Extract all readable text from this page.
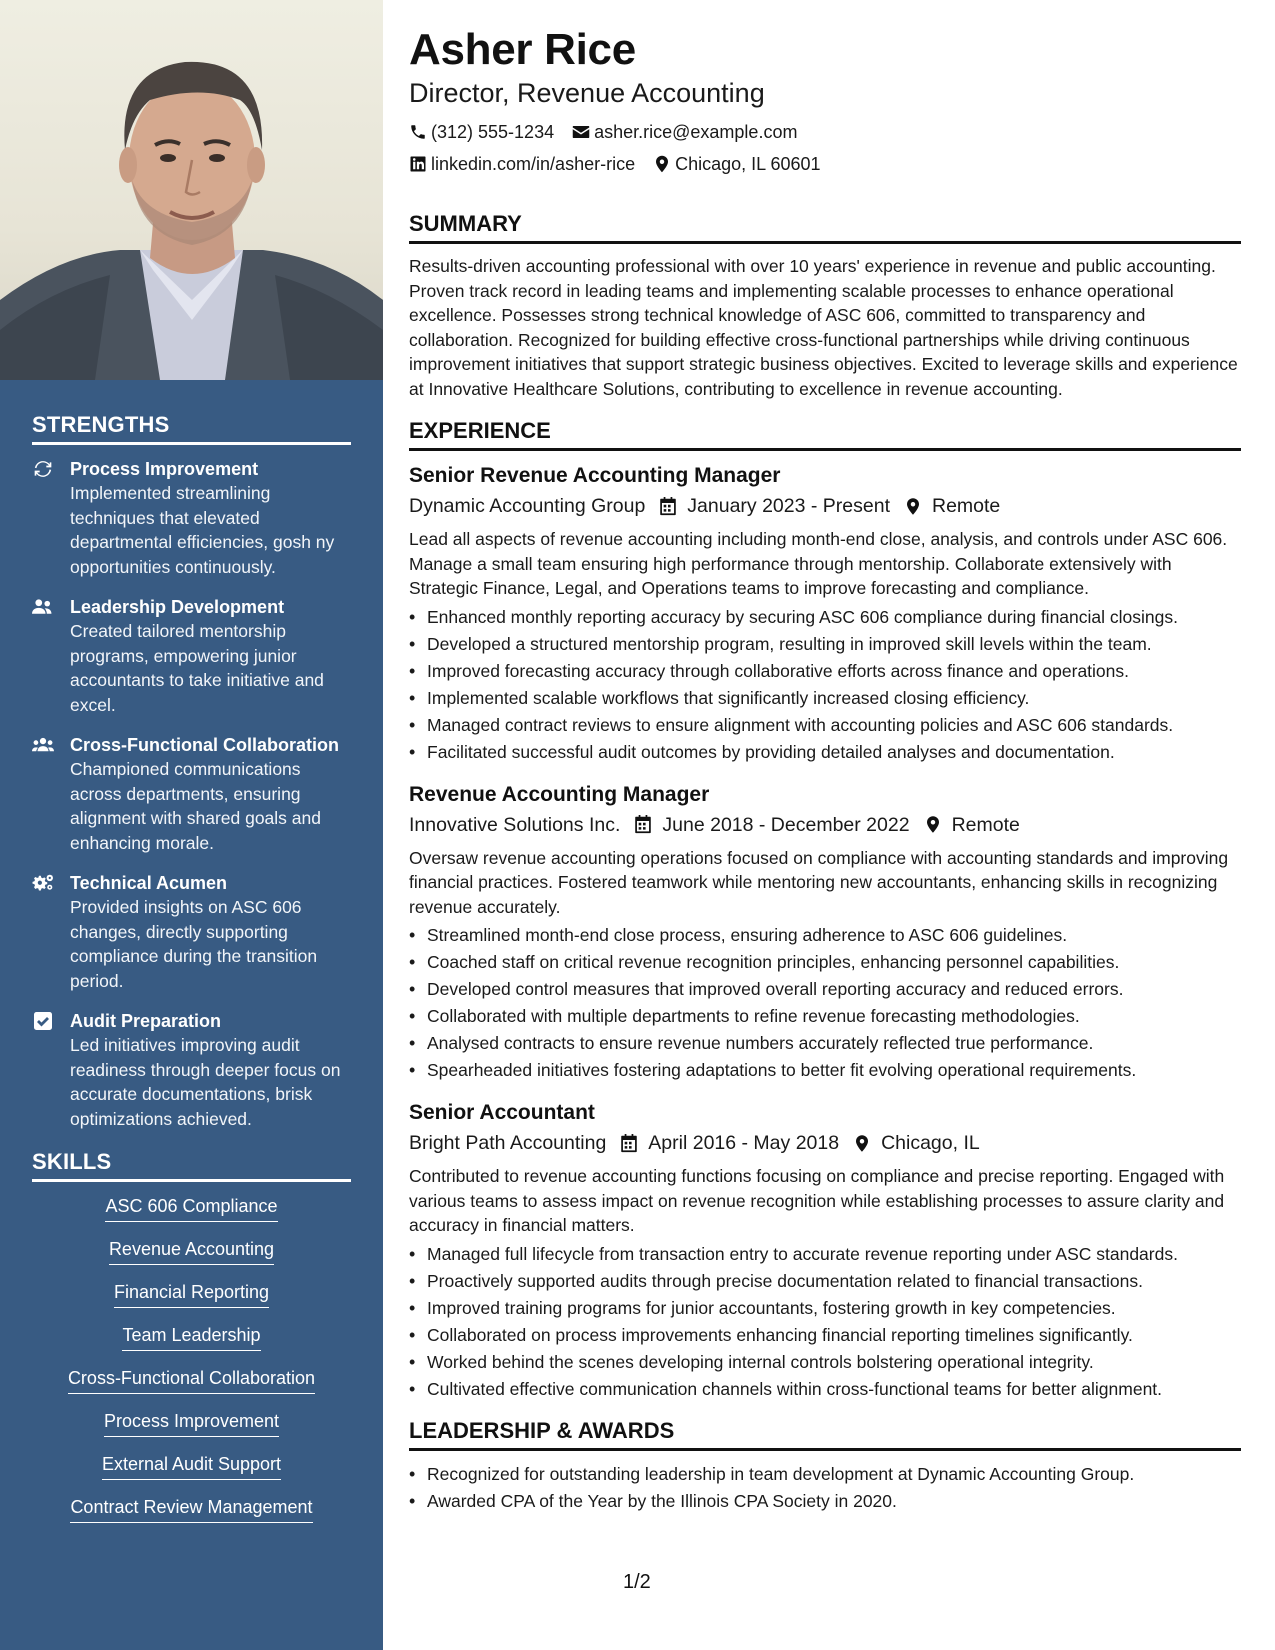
STRENGTHS
Process Improvement
Implemented streamlining techniques that elevated departmental efficiencies, gosh ny opportunities continuously.
Leadership Development
Created tailored mentorship programs, empowering junior accountants to take initiative and excel.
Cross-Functional Collaboration
Championed communications across departments, ensuring alignment with shared goals and enhancing morale.
Technical Acumen
Provided insights on ASC 606 changes, directly supporting compliance during the transition period.
Audit Preparation
Led initiatives improving audit readiness through deeper focus on accurate documentations, brisk optimizations achieved.
SKILLS
ASC 606 Compliance
Revenue Accounting
Financial Reporting
Team Leadership
Cross-Functional Collaboration
Process Improvement
External Audit Support
Contract Review Management
Asher Rice
Director, Revenue Accounting
(312) 555-1234 asher.rice@example.com
linkedin.com/in/asher-rice Chicago, IL 60601
SUMMARY

Results-driven accounting professional with over 10 years' experience in revenue and public accounting. Proven track record in leading teams and implementing scalable processes to enhance operational excellence. Possesses strong technical knowledge of ASC 606, committed to transparency and collaboration. Recognized for building effective cross-functional partnerships while driving continuous improvement initiatives that support strategic business objectives. Excited to leverage skills and experience at Innovative Healthcare Solutions, contributing to excellence in revenue accounting.

EXPERIENCE
Senior Revenue Accounting Manager
Dynamic Accounting Group January 2023 - Present Remote

Lead all aspects of revenue accounting including month-end close, analysis, and controls under ASC 606. Manage a small team ensuring high performance through mentorship. Collaborate extensively with Strategic Finance, Legal, and Operations teams to improve forecasting and compliance.

• Enhanced monthly reporting accuracy by securing ASC 606 compliance during financial closings.
• Developed a structured mentorship program, resulting in improved skill levels within the team.
• Improved forecasting accuracy through collaborative efforts across finance and operations.
• Implemented scalable workflows that significantly increased closing efficiency.
• Managed contract reviews to ensure alignment with accounting policies and ASC 606 standards.
• Facilitated successful audit outcomes by providing detailed analyses and documentation.
Revenue Accounting Manager
Innovative Solutions Inc. June 2018 - December 2022 Remote

Oversaw revenue accounting operations focused on compliance with accounting standards and improving financial practices. Fostered teamwork while mentoring new accountants, enhancing skills in recognizing revenue accurately.

• Streamlined month-end close process, ensuring adherence to ASC 606 guidelines.
• Coached staff on critical revenue recognition principles, enhancing personnel capabilities.
• Developed control measures that improved overall reporting accuracy and reduced errors.
• Collaborated with multiple departments to refine revenue forecasting methodologies.
• Analysed contracts to ensure revenue numbers accurately reflected true performance.
• Spearheaded initiatives fostering adaptations to better fit evolving operational requirements.
Senior Accountant
Bright Path Accounting April 2016 - May 2018 Chicago, IL

Contributed to revenue accounting functions focusing on compliance and precise reporting. Engaged with various teams to assess impact on revenue recognition while establishing processes to assure clarity and accuracy in financial matters.

• Managed full lifecycle from transaction entry to accurate revenue reporting under ASC standards.
• Proactively supported audits through precise documentation related to financial transactions.
• Improved training programs for junior accountants, fostering growth in key competencies.
• Collaborated on process improvements enhancing financial reporting timelines significantly.
• Worked behind the scenes developing internal controls bolstering operational integrity.
• Cultivated effective communication channels within cross-functional teams for better alignment.
LEADERSHIP & AWARDS
• Recognized for outstanding leadership in team development at Dynamic Accounting Group.
• Awarded CPA of the Year by the Illinois CPA Society in 2020.
1/2
